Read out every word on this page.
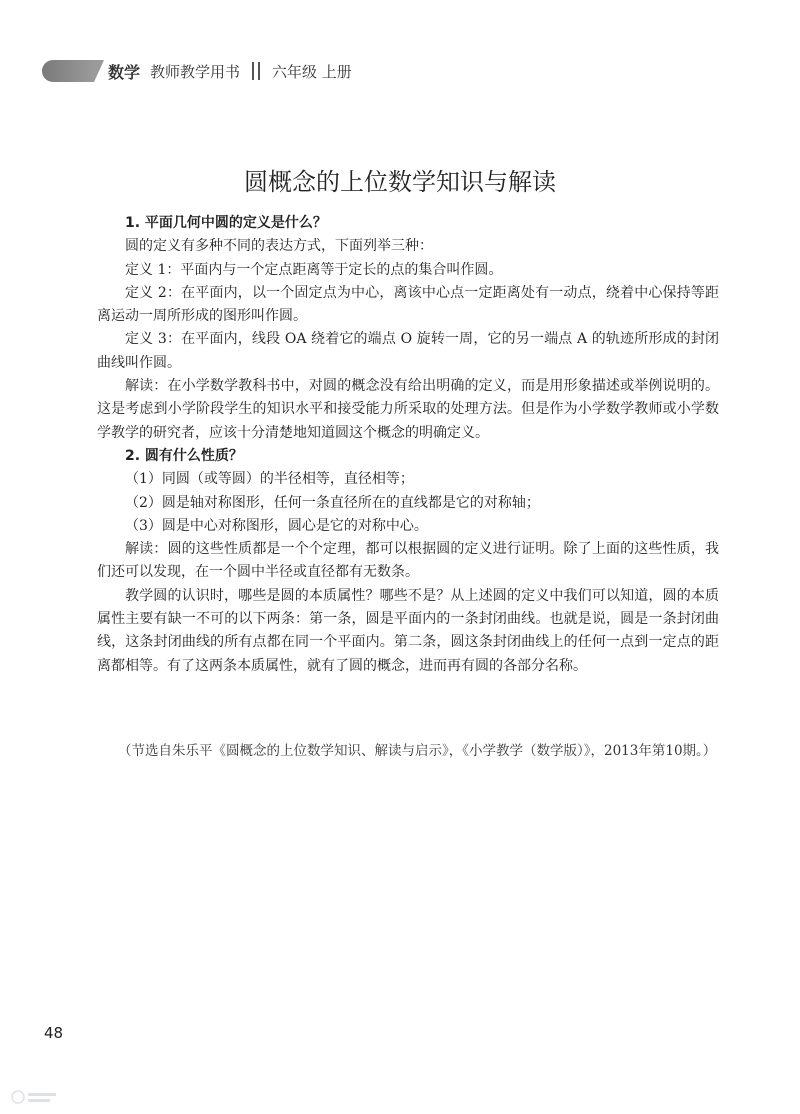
数学 教师教学用书 六年级 上册
圆概念的上位数学知识与解读

1. 平面几何中圆的定义是什么？

圆的定义有多种不同的表达方式，下面列举三种：

定义 1：平面内与一个定点距离等于定长的点的集合叫作圆。

定义 2：在平面内，以一个固定点为中心，离该中心点一定距离处有一动点，绕着中心保持等距离运动一周所形成的图形叫作圆。

定义 3：在平面内，线段 OA 绕着它的端点 O 旋转一周，它的另一端点 A 的轨迹所形成的封闭曲线叫作圆。

解读：在小学数学教科书中，对圆的概念没有给出明确的定义，而是用形象描述或举例说明的。这是考虑到小学阶段学生的知识水平和接受能力所采取的处理方法。但是作为小学数学教师或小学数学教学的研究者，应该十分清楚地知道圆这个概念的明确定义。

2. 圆有什么性质？

（1）同圆（或等圆）的半径相等，直径相等；

（2）圆是轴对称图形，任何一条直径所在的直线都是它的对称轴；

（3）圆是中心对称图形，圆心是它的对称中心。

解读：圆的这些性质都是一个个定理，都可以根据圆的定义进行证明。除了上面的这些性质，我们还可以发现，在一个圆中半径或直径都有无数条。

教学圆的认识时，哪些是圆的本质属性？哪些不是？从上述圆的定义中我们可以知道，圆的本质属性主要有缺一不可的以下两条：第一条，圆是平面内的一条封闭曲线。也就是说，圆是一条封闭曲线，这条封闭曲线的所有点都在同一个平面内。第二条，圆这条封闭曲线上的任何一点到一定点的距离都相等。有了这两条本质属性，就有了圆的概念，进而再有圆的各部分名称。

（节选自朱乐平《圆概念的上位数学知识、解读与启示》，《小学教学（数学版）》，2013年第10期。）
48
